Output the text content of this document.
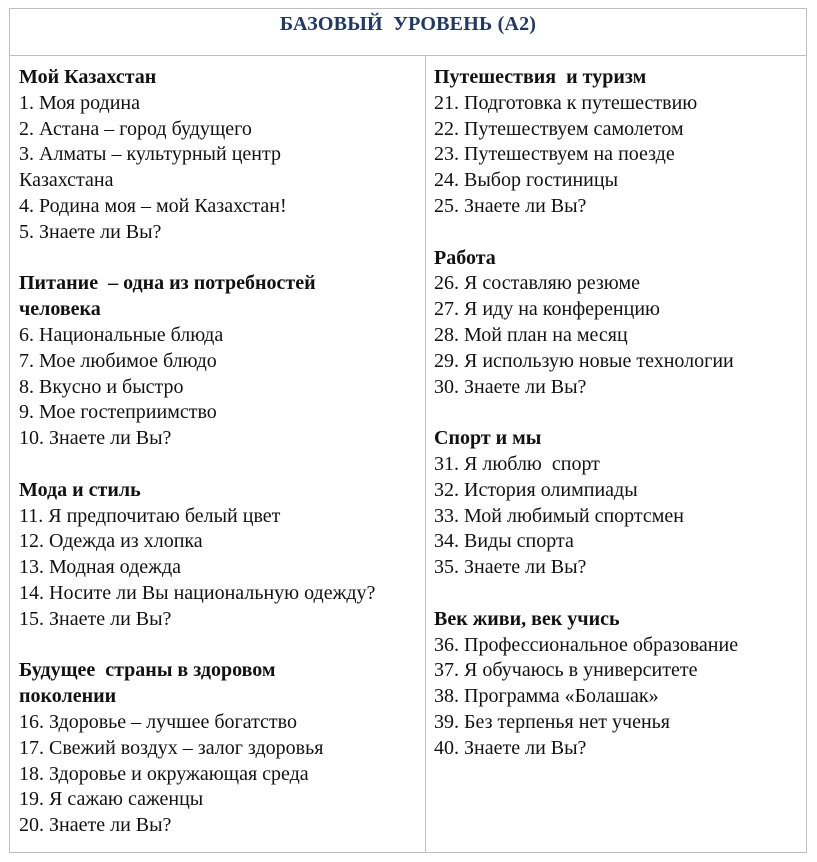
БАЗОВЫЙ  УРОВЕНЬ (А2)
Мой Казахстан
1. Моя родина
2. Астана – город будущего
3. Алматы – культурный центр
Казахстана
4. Родина моя – мой Казахстан!
5. Знаете ли Вы?
Питание  – одна из потребностей
человека
6. Национальные блюда
7. Мое любимое блюдо
8. Вкусно и быстро
9. Мое гостеприимство
10. Знаете ли Вы?
Мода и стиль
11. Я предпочитаю белый цвет
12. Одежда из хлопка
13. Модная одежда
14. Носите ли Вы национальную одежду?
15. Знаете ли Вы?
Будущее  страны в здоровом
поколении
16. Здоровье – лучшее богатство
17. Свежий воздух – залог здоровья
18. Здоровье и окружающая среда
19. Я сажаю саженцы
20. Знаете ли Вы?
Путешествия  и туризм
21. Подготовка к путешествию
22. Путешествуем самолетом
23. Путешествуем на поезде
24. Выбор гостиницы
25. Знаете ли Вы?
Работа
26. Я составляю резюме
27. Я иду на конференцию
28. Мой план на месяц
29. Я использую новые технологии
30. Знаете ли Вы?
Спорт и мы
31. Я люблю  спорт
32. История олимпиады
33. Мой любимый спортсмен
34. Виды спорта
35. Знаете ли Вы?
Век живи, век учись
36. Профессиональное образование
37. Я обучаюсь в университете
38. Программа «Болашак»
39. Без терпенья нет ученья
40. Знаете ли Вы?
